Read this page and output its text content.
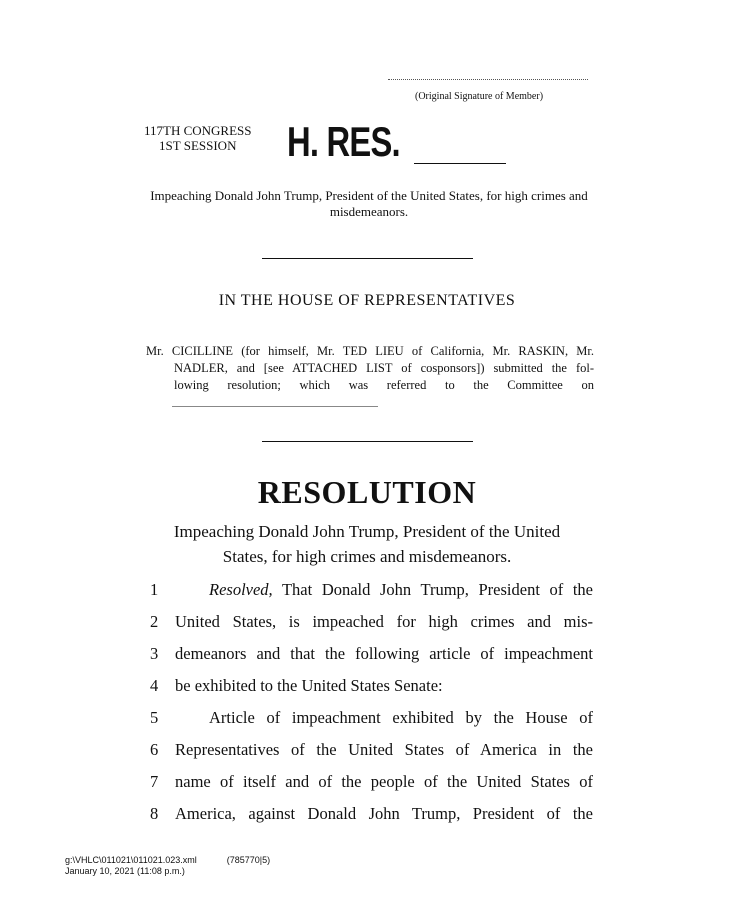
(Original Signature of Member)
117TH CONGRESS
1ST SESSION	H. RES.
Impeaching Donald John Trump, President of the United States, for high crimes and misdemeanors.
IN THE HOUSE OF REPRESENTATIVES
Mr. CICILLINE (for himself, Mr. TED LIEU of California, Mr. RASKIN, Mr.
NADLER, and [see ATTACHED LIST of cosponsors]) submitted the fol-
lowing resolution; which was referred to the Committee on
RESOLUTION
Impeaching Donald John Trump, President of the United
States, for high crimes and misdemeanors.
1	Resolved, That Donald John Trump, President of the
2	United States, is impeached for high crimes and mis-
3	demeanors and that the following article of impeachment
4	be exhibited to the United States Senate:
5	Article of impeachment exhibited by the House of
6	Representatives of the United States of America in the
7	name of itself and of the people of the United States of
8	America, against Donald John Trump, President of the
g:\VHLC\011021\011021.023.xml	(785770|5)
January 10, 2021 (11:08 p.m.)
